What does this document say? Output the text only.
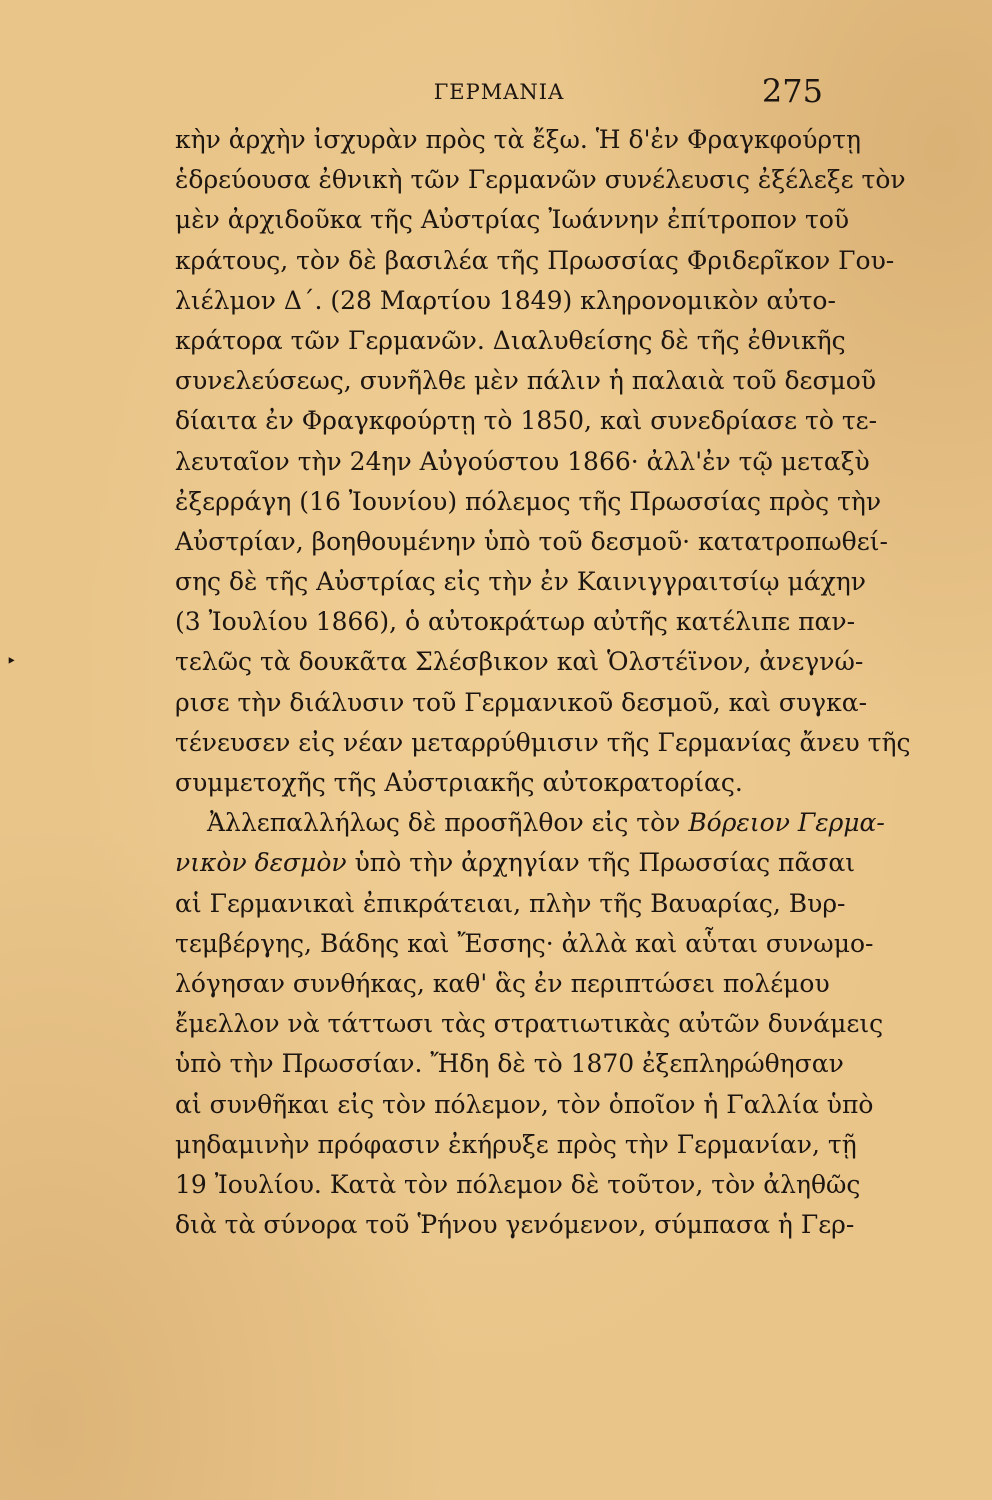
ΓΕΡΜΑΝΙΑ	275
‣
κὴν ἀρχὴν ἰσχυρὰν πρὸς τὰ ἔξω. Ἡ δ'ἐν Φραγκφούρτῃ
ἑδρεύουσα ἐθνικὴ τῶν Γερμανῶν συνέλευσις ἐξέλεξε τὸν
μὲν ἀρχιδοῦκα τῆς Αὐστρίας Ἰωάννην ἐπίτροπον τοῦ
κράτους, τὸν δὲ βασιλέα τῆς Πρωσσίας Φριδερῖκον Γου-
λιέλμον Δ΄. (28 Μαρτίου 1849) κληρονομικὸν αὐτο-
κράτορα τῶν Γερμανῶν. Διαλυθείσης δὲ τῆς ἐθνικῆς
συνελεύσεως, συνῆλθε μὲν πάλιν ἡ παλαιὰ τοῦ δεσμοῦ
δίαιτα ἐν Φραγκφούρτῃ τὸ 1850, καὶ συνεδρίασε τὸ τε-
λευταῖον τὴν 24ην Αὐγούστου 1866· ἀλλ'ἐν τῷ μεταξὺ
ἐξερράγη (16 Ἰουνίου) πόλεμος τῆς Πρωσσίας πρὸς τὴν
Αὐστρίαν, βοηθουμένην ὑπὸ τοῦ δεσμοῦ· κατατροπωθεί-
σης δὲ τῆς Αὐστρίας εἰς τὴν ἐν Καινιγγραιτσίῳ μάχην
(3 Ἰουλίου 1866), ὁ αὐτοκράτωρ αὐτῆς κατέλιπε παν-
τελῶς τὰ δουκᾶτα Σλέσβικον καὶ Ὁλστέϊνον, ἀνεγνώ-
ρισε τὴν διάλυσιν τοῦ Γερμανικοῦ δεσμοῦ, καὶ συγκα-
τένευσεν εἰς νέαν μεταρρύθμισιν τῆς Γερμανίας ἄνευ τῆς
συμμετοχῆς τῆς Αὐστριακῆς αὐτοκρατορίας.
Ἀλλεπαλλήλως δὲ προσῆλθον εἰς τὸν Βόρειον Γερμα-
νικὸν δεσμὸν ὑπὸ τὴν ἀρχηγίαν τῆς Πρωσσίας πᾶσαι
αἱ Γερμανικαὶ ἐπικράτειαι, πλὴν τῆς Βαυαρίας, Βυρ-
τεμβέργης, Βάδης καὶ Ἔσσης· ἀλλὰ καὶ αὗται συνωμο-
λόγησαν συνθήκας, καθ' ἃς ἐν περιπτώσει πολέμου
ἔμελλον νὰ τάττωσι τὰς στρατιωτικὰς αὐτῶν δυνάμεις
ὑπὸ τὴν Πρωσσίαν. Ἤδη δὲ τὸ 1870 ἐξεπληρώθησαν
αἱ συνθῆκαι εἰς τὸν πόλεμον, τὸν ὁποῖον ἡ Γαλλία ὑπὸ
μηδαμινὴν πρόφασιν ἐκήρυξε πρὸς τὴν Γερμανίαν, τῇ
19 Ἰουλίου. Κατὰ τὸν πόλεμον δὲ τοῦτον, τὸν ἀληθῶς
διὰ τὰ σύνορα τοῦ Ῥήνου γενόμενον, σύμπασα ἡ Γερ-
